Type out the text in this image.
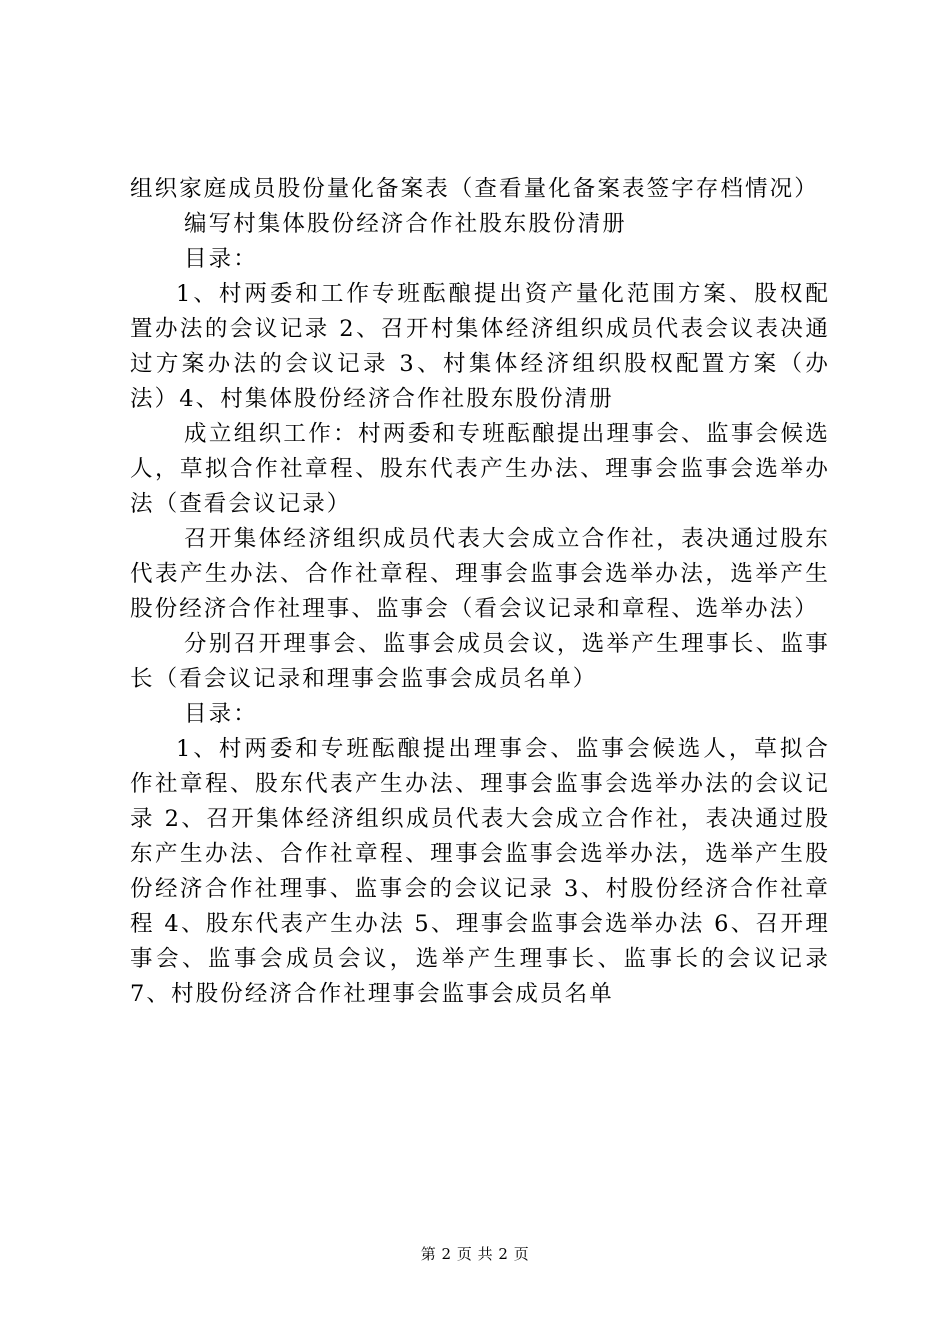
组织家庭成员股份量化备案表（查看量化备案表签字存档情况）

编写村集体股份经济合作社股东股份清册

目录：

1、村两委和工作专班酝酿提出资产量化范围方案、股权配置办法的会议记录 2、召开村集体经济组织成员代表会议表决通过方案办法的会议记录 3、村集体经济组织股权配置方案（办法）4、村集体股份经济合作社股东股份清册

成立组织工作：村两委和专班酝酿提出理事会、监事会候选人，草拟合作社章程、股东代表产生办法、理事会监事会选举办法（查看会议记录）

召开集体经济组织成员代表大会成立合作社，表决通过股东代表产生办法、合作社章程、理事会监事会选举办法，选举产生股份经济合作社理事、监事会（看会议记录和章程、选举办法）

分别召开理事会、监事会成员会议，选举产生理事长、监事长（看会议记录和理事会监事会成员名单）

目录：

1、村两委和专班酝酿提出理事会、监事会候选人，草拟合作社章程、股东代表产生办法、理事会监事会选举办法的会议记录 2、召开集体经济组织成员代表大会成立合作社，表决通过股东产生办法、合作社章程、理事会监事会选举办法，选举产生股份经济合作社理事、监事会的会议记录 3、村股份经济合作社章程 4、股东代表产生办法 5、理事会监事会选举办法 6、召开理事会、监事会成员会议，选举产生理事长、监事长的会议记录 7、村股份经济合作社理事会监事会成员名单

第 2 页 共 2 页
